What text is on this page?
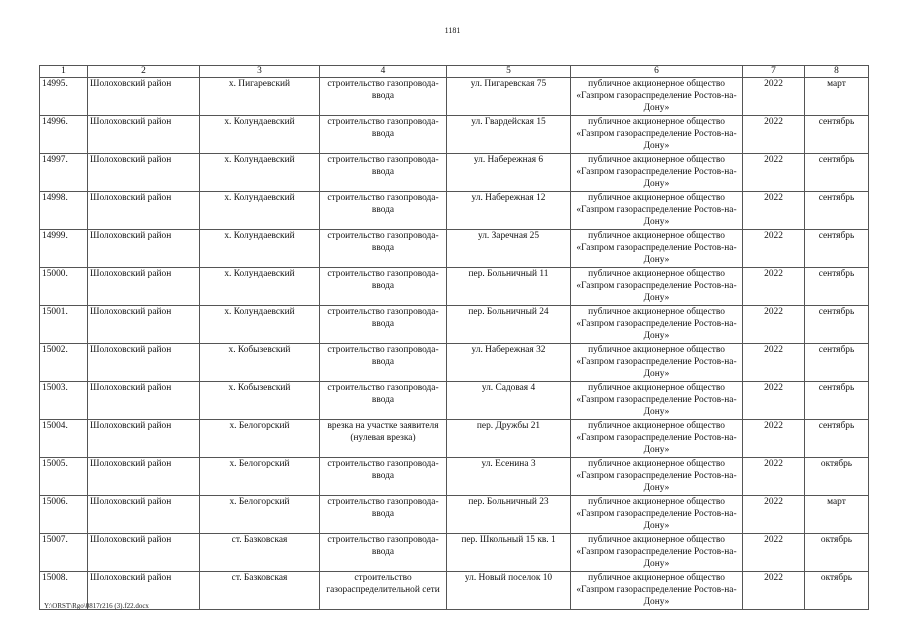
1181
1	2	3	4	5	6	7	8
14995.	Шолоховский район	х. Пигаревский	строительство газопровода-ввода	ул. Пигаревская 75	публичное акционерное общество «Газпром газораспределение Ростов-на-Дону»	2022	март
14996.	Шолоховский район	х. Колундаевский	строительство газопровода-ввода	ул. Гвардейская 15	публичное акционерное общество «Газпром газораспределение Ростов-на-Дону»	2022	сентябрь
14997.	Шолоховский район	х. Колундаевский	строительство газопровода-ввода	ул. Набережная 6	публичное акционерное общество «Газпром газораспределение Ростов-на-Дону»	2022	сентябрь
14998.	Шолоховский район	х. Колундаевский	строительство газопровода-ввода	ул. Набережная 12	публичное акционерное общество «Газпром газораспределение Ростов-на-Дону»	2022	сентябрь
14999.	Шолоховский район	х. Колундаевский	строительство газопровода-ввода	ул. Заречная 25	публичное акционерное общество «Газпром газораспределение Ростов-на-Дону»	2022	сентябрь
15000.	Шолоховский район	х. Колундаевский	строительство газопровода-ввода	пер. Больничный 11	публичное акционерное общество «Газпром газораспределение Ростов-на-Дону»	2022	сентябрь
15001.	Шолоховский район	х. Колундаевский	строительство газопровода-ввода	пер. Больничный 24	публичное акционерное общество «Газпром газораспределение Ростов-на-Дону»	2022	сентябрь
15002.	Шолоховский район	х. Кобызевский	строительство газопровода-ввода	ул. Набережная 32	публичное акционерное общество «Газпром газораспределение Ростов-на-Дону»	2022	сентябрь
15003.	Шолоховский район	х. Кобызевский	строительство газопровода-ввода	ул. Садовая 4	публичное акционерное общество «Газпром газораспределение Ростов-на-Дону»	2022	сентябрь
15004.	Шолоховский район	х. Белогорский	врезка на участке заявителя (нулевая врезка)	пер. Дружбы 21	публичное акционерное общество «Газпром газораспределение Ростов-на-Дону»	2022	сентябрь
15005.	Шолоховский район	х. Белогорский	строительство газопровода-ввода	ул. Есенина 3	публичное акционерное общество «Газпром газораспределение Ростов-на-Дону»	2022	октябрь
15006.	Шолоховский район	х. Белогорский	строительство газопровода-ввода	пер. Больничный 23	публичное акционерное общество «Газпром газораспределение Ростов-на-Дону»	2022	март
15007.	Шолоховский район	ст. Базковская	строительство газопровода-ввода	пер. Школьный 15 кв. 1	публичное акционерное общество «Газпром газораспределение Ростов-на-Дону»	2022	октябрь
15008.	Шолоховский район	ст. Базковская	строительство газораспределительной сети	ул. Новый поселок 10	публичное акционерное общество «Газпром газораспределение Ростов-на-Дону»	2022	октябрь
Y:\ORST\Rgo\0817r216 (3).f22.docx
